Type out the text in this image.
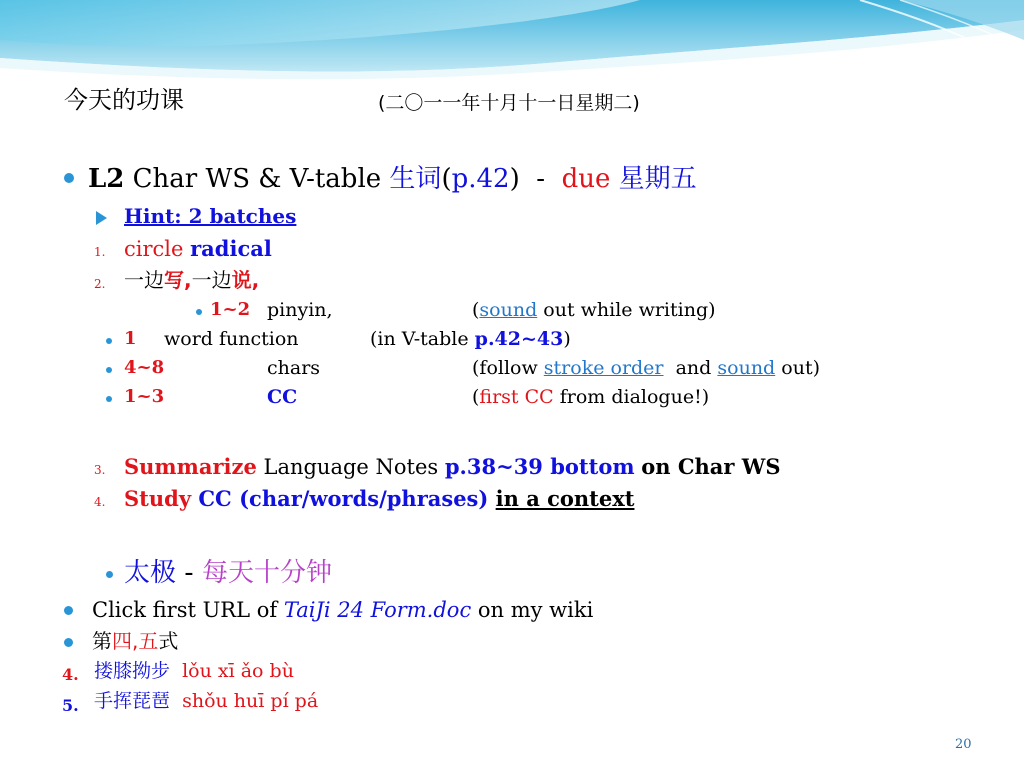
今天的功课	(二〇一一年十月十一日星期二)
L2 Char WS & V-table 生词(p.42) - due 星期五
Hint: 2 batches
1. circle radical
2. 一边写,一边说,
1~2 pinyin,	(sound out while writing)
1 word function	(in V-table p.42~43)
4~8	chars	(follow stroke order and sound out)
1~3	CC	(first CC from dialogue!)
3. Summarize Language Notes p.38~39 bottom on Char WS
4. Study CC (char/words/phrases) in a context
太极 - 每天十分钟
Click first URL of TaiJi 24 Form.doc on my wiki
第四,五式
4. 搂膝拗步 lǒu xī ǎo bù
5. 手挥琵琶 shǒu huī pí pá
20
